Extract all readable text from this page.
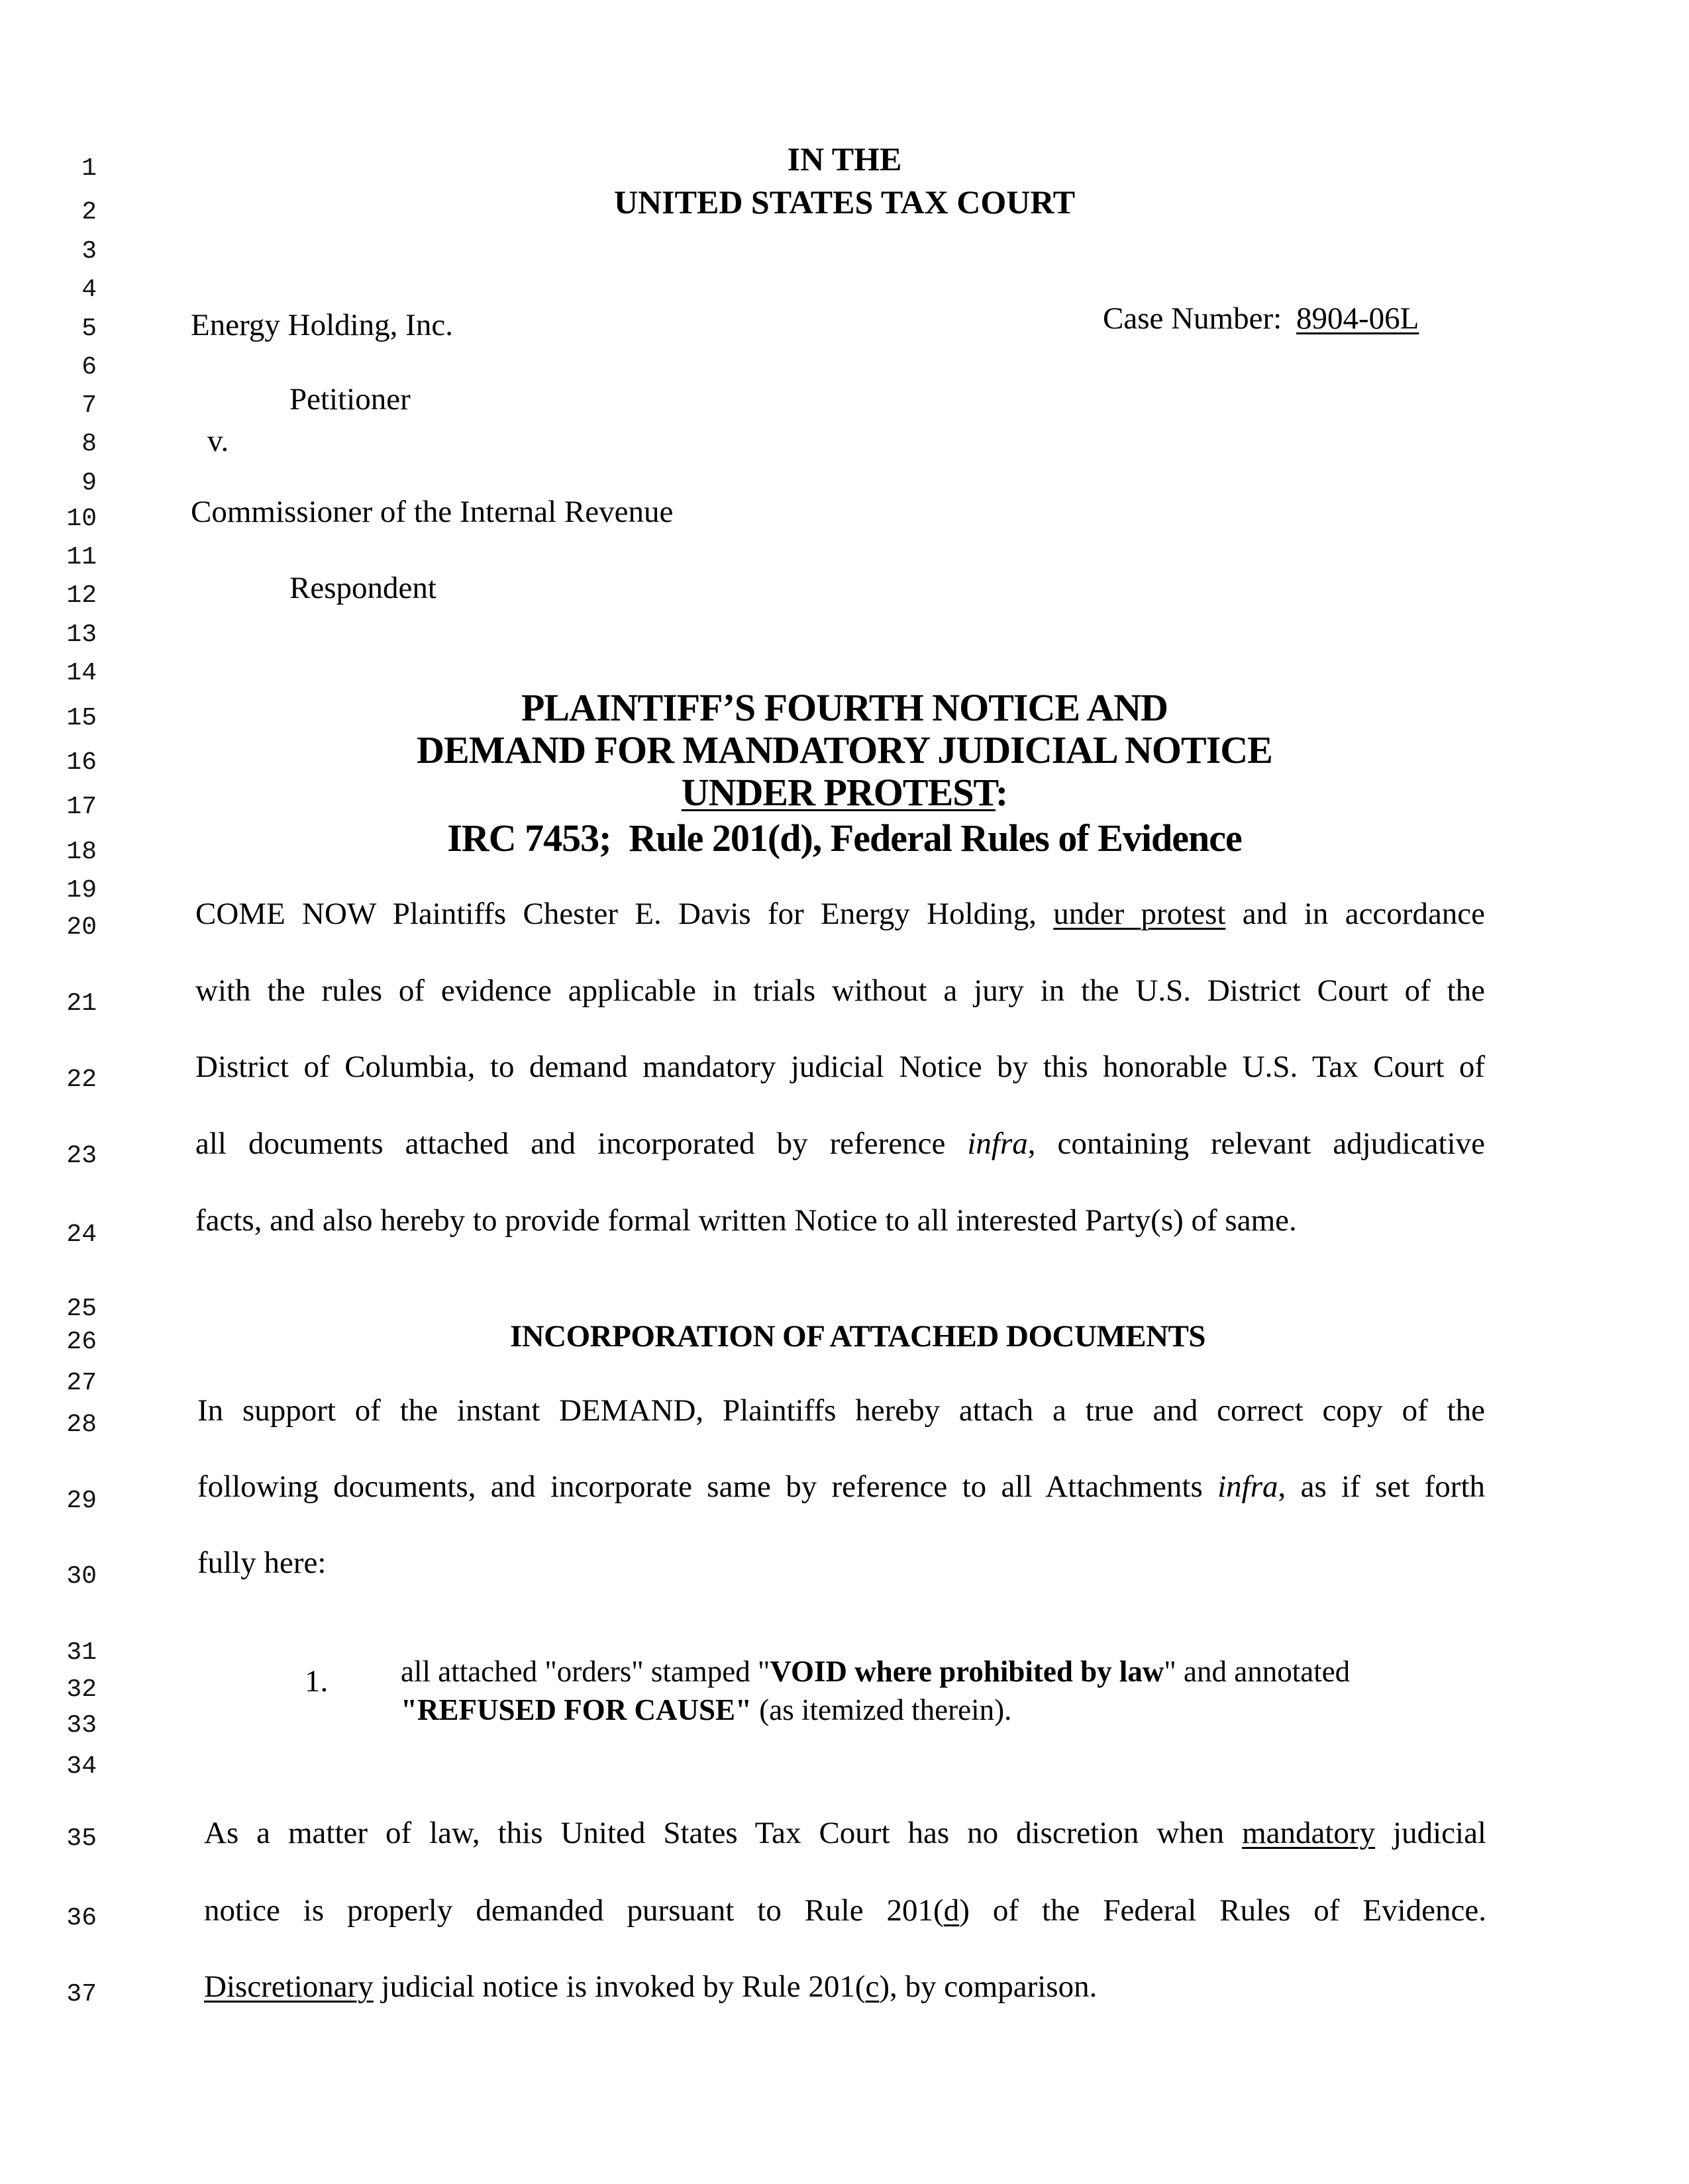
1
2
3
4
5
6
7
8
9
10
11
12
13
14
15
16
17
18
19
20
21
22
23
24
25
26
27
28
29
30
31
32
33
34
35
36
37
IN THE
UNITED STATES TAX COURT
Energy Holding, Inc.	Case Number: 8904-06L
Petitioner
v.
Commissioner of the Internal Revenue
Respondent
PLAINTIFF’S FOURTH NOTICE AND
DEMAND FOR MANDATORY JUDICIAL NOTICE
UNDER PROTEST:
IRC 7453;  Rule 201(d), Federal Rules of Evidence
COME NOW Plaintiffs Chester E. Davis for Energy Holding, under protest and in accordance
with the rules of evidence applicable in trials without a jury in the U.S. District Court of the
District of Columbia, to demand mandatory judicial Notice by this honorable U.S. Tax Court of
all documents attached and incorporated by reference infra, containing relevant adjudicative
facts, and also hereby to provide formal written Notice to all interested Party(s) of same.
INCORPORATION OF ATTACHED DOCUMENTS
In support of the instant DEMAND, Plaintiffs hereby attach a true and correct copy of the
following documents, and incorporate same by reference to all Attachments infra, as if set forth
fully here:
1. all attached "orders" stamped "VOID where prohibited by law" and annotated
"REFUSED FOR CAUSE" (as itemized therein).
As a matter of law, this United States Tax Court has no discretion when mandatory judicial
notice is properly demanded pursuant to Rule 201(d) of the Federal Rules of Evidence.
Discretionary judicial notice is invoked by Rule 201(c), by comparison.
